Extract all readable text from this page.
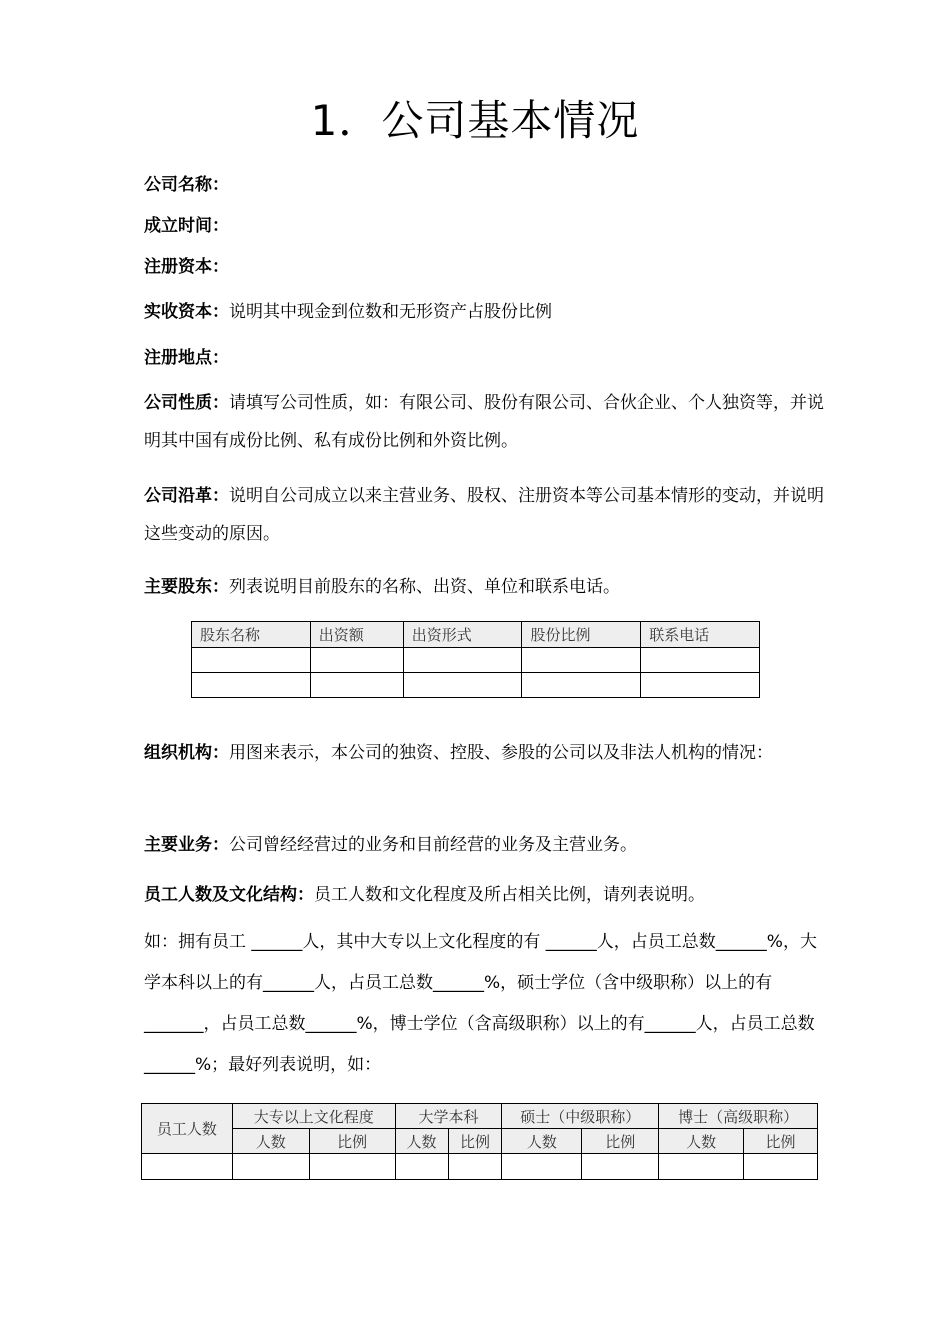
1．公司基本情况

公司名称：

成立时间：

注册资本：

实收资本：说明其中现金到位数和无形资产占股份比例

注册地点：

公司性质：请填写公司性质，如：有限公司、股份有限公司、合伙企业、个人独资等，并说明其中国有成份比例、私有成份比例和外资比例。

公司沿革：说明自公司成立以来主营业务、股权、注册资本等公司基本情形的变动，并说明这些变动的原因。

主要股东：列表说明目前股东的名称、出资、单位和联系电话。

股东名称	出资额	出资形式	股份比例	联系电话

组织机构：用图来表示，本公司的独资、控股、参股的公司以及非法人机构的情况：

主要业务：公司曾经经营过的业务和目前经营的业务及主营业务。

员工人数及文化结构：员工人数和文化程度及所占相关比例，请列表说明。

如：拥有员工 ______人，其中大专以上文化程度的有 ______人，占员工总数______%，大学本科以上的有______人，占员工总数______%，硕士学位（含中级职称）以上的有_______，占员工总数______%，博士学位（含高级职称）以上的有______人，占员工总数______%；最好列表说明，如：

员工人数	大专以上文化程度		大学本科		硕士（中级职称）		博士（高级职称）	
	人数	比例	人数	比例	人数	比例	人数	比例
